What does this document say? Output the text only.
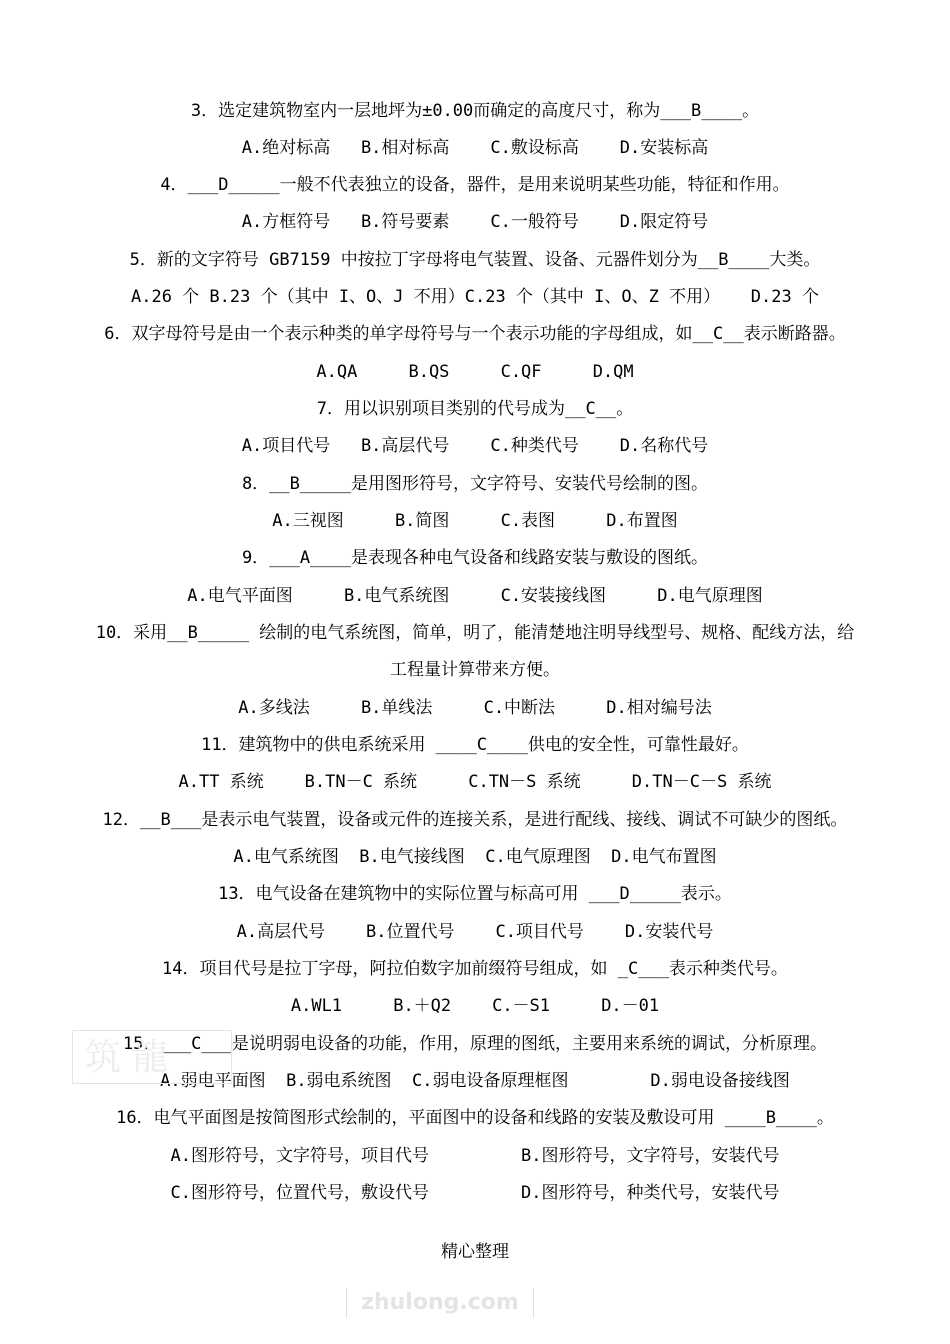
3．选定建筑物室内一层地坪为±0.00而确定的高度尺寸，称为___B____。
A.绝对标高   B.相对标高    C.敷设标高    D.安装标高
4．___D_____一般不代表独立的设备，器件，是用来说明某些功能，特征和作用。
A.方框符号   B.符号要素    C.一般符号    D.限定符号
5．新的文字符号 GB7159 中按拉丁字母将电气装置、设备、元器件划分为__B____大类。
A.26 个 B.23 个（其中 I、O、J 不用）C.23 个（其中 I、O、Z 不用）   D.23 个
6．双字母符号是由一个表示种类的单字母符号与一个表示功能的字母组成，如__C__表示断路器。
A.QA     B.QS     C.QF     D.QM
7．用以识别项目类别的代号成为__C__。
A.项目代号   B.高层代号    C.种类代号    D.名称代号
8．__B_____是用图形符号，文字符号、安装代号绘制的图。
A.三视图     B.简图     C.表图     D.布置图
9．___A____是表现各种电气设备和线路安装与敷设的图纸。
A.电气平面图     B.电气系统图     C.安装接线图     D.电气原理图
10．采用__B_____ 绘制的电气系统图，简单，明了，能清楚地注明导线型号、规格、配线方法，给
工程量计算带来方便。
A.多线法     B.单线法     C.中断法     D.相对编号法
11．建筑物中的供电系统采用 ____C____供电的安全性，可靠性最好。
A.TT 系统    B.TN－C 系统     C.TN－S 系统     D.TN－C－S 系统
12．__B___是表示电气装置，设备或元件的连接关系，是进行配线、接线、调试不可缺少的图纸。
A.电气系统图  B.电气接线图  C.电气原理图  D.电气布置图
13．电气设备在建筑物中的实际位置与标高可用 ___D_____表示。
A.高层代号    B.位置代号    C.项目代号    D.安装代号
14．项目代号是拉丁字母，阿拉伯数字加前缀符号组成，如 _C___表示种类代号。
A.WL1     B.＋Q2    C.－S1     D.－01
15．___C___是说明弱电设备的功能，作用，原理的图纸，主要用来系统的调试，分析原理。
A.弱电平面图  B.弱电系统图  C.弱电设备原理框图        D.弱电设备接线图
16．电气平面图是按简图形式绘制的，平面图中的设备和线路的安装及敷设可用 ____B____。
A.图形符号，文字符号，项目代号         B.图形符号，文字符号，安装代号
C.图形符号，位置代号，敷设代号         D.图形符号，种类代号，安装代号
筑 龍
精心整理
zhulong.com
